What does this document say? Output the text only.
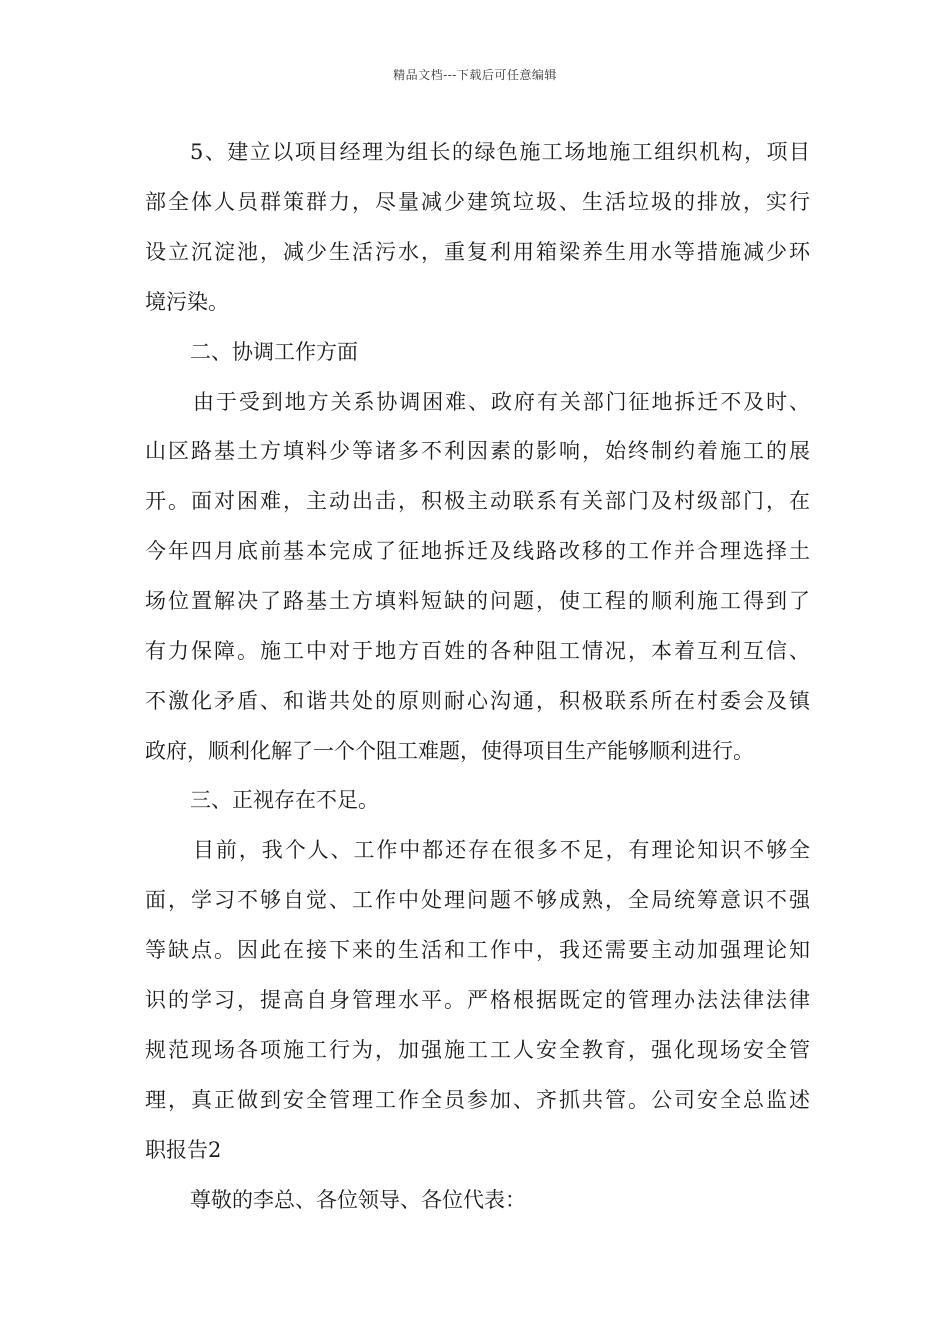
精品文档---下载后可任意编辑
5、建立以项目经理为组长的绿色施工场地施工组织机构，项目
部全体人员群策群力，尽量减少建筑垃圾、生活垃圾的排放，实行
设立沉淀池，减少生活污水，重复利用箱梁养生用水等措施减少环
境污染。
二、协调工作方面
由于受到地方关系协调困难、政府有关部门征地拆迁不及时、
山区路基土方填料少等诸多不利因素的影响，始终制约着施工的展
开。面对困难，主动出击，积极主动联系有关部门及村级部门，在
今年四月底前基本完成了征地拆迁及线路改移的工作并合理选择土
场位置解决了路基土方填料短缺的问题，使工程的顺利施工得到了
有力保障。施工中对于地方百姓的各种阻工情况，本着互利互信、
不激化矛盾、和谐共处的原则耐心沟通，积极联系所在村委会及镇
政府，顺利化解了一个个阻工难题，使得项目生产能够顺利进行。
三、正视存在不足。
目前，我个人、工作中都还存在很多不足，有理论知识不够全
面，学习不够自觉、工作中处理问题不够成熟，全局统筹意识不强
等缺点。因此在接下来的生活和工作中，我还需要主动加强理论知
识的学习，提高自身管理水平。严格根据既定的管理办法法律法律
规范现场各项施工行为，加强施工工人安全教育，强化现场安全管
理，真正做到安全管理工作全员参加、齐抓共管。公司安全总监述
职报告2
尊敬的李总、各位领导、各位代表：
